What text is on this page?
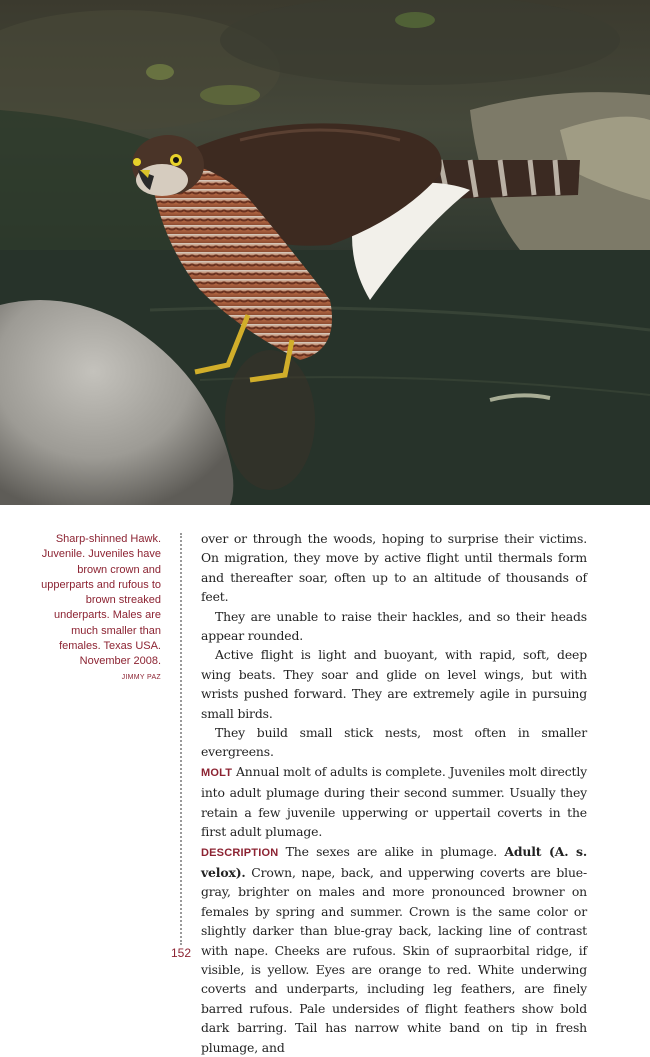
Sharp-shinned Hawk. Juvenile. Juveniles have brown crown and upperparts and rufous to brown streaked underparts. Males are much smaller than females. Texas USA. November 2008.
JIMMY PAZ

over or through the woods, hoping to surprise their victims. On migration, they move by active flight until thermals form and thereafter soar, often up to an altitude of thousands of feet.

They are unable to raise their hackles, and so their heads appear rounded.

Active flight is light and buoyant, with rapid, soft, deep wing beats. They soar and glide on level wings, but with wrists pushed forward. They are extremely agile in pursuing small birds.

They build small stick nests, most often in smaller evergreens.

MOLT Annual molt of adults is complete. Juveniles molt directly into adult plumage during their second summer. Usually they retain a few juvenile upperwing or uppertail coverts in the first adult plumage.

DESCRIPTION The sexes are alike in plumage. Adult (A. s. velox). Crown, nape, back, and upperwing coverts are blue-gray, brighter on males and more pronounced browner on females by spring and summer. Crown is the same color or slightly darker than blue-gray back, lacking line of contrast with nape. Cheeks are rufous. Skin of supraorbital ridge, if visible, is yellow. Eyes are orange to red. White underwing coverts and underparts, including leg feathers, are finely barred rufous. Pale undersides of flight feathers show bold dark barring. Tail has narrow white band on tip in fresh plumage, and

152
